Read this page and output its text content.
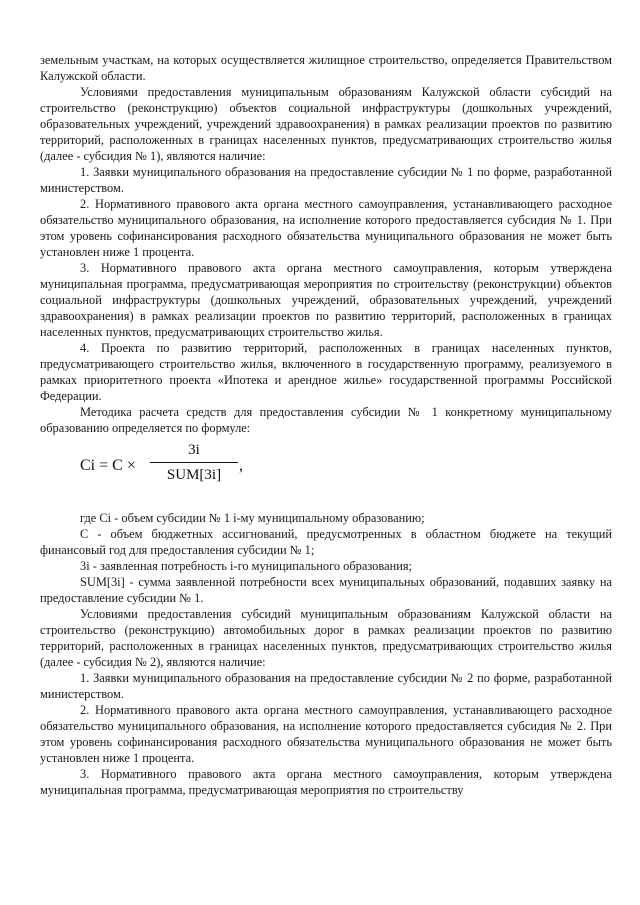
земельным участкам, на которых осуществляется жилищное строительство, определяется Правительством Калужской области.

Условиями предоставления муниципальным образованиям Калужской области субсидий на строительство (реконструкцию) объектов социальной инфраструктуры (дошкольных учреждений, образовательных учреждений, учреждений здравоохранения) в рамках реализации проектов по развитию территорий, расположенных в границах населенных пунктов, предусматривающих строительство жилья (далее - субсидия № 1), являются наличие:

1. Заявки муниципального образования на предоставление субсидии № 1 по форме, разработанной министерством.

2. Нормативного правового акта органа местного самоуправления, устанавливающего расходное обязательство муниципального образования, на исполнение которого предоставляется субсидия № 1. При этом уровень софинансирования расходного обязательства муниципального образования не может быть установлен ниже 1 процента.

3. Нормативного правового акта органа местного самоуправления, которым утверждена муниципальная программа, предусматривающая мероприятия по строительству (реконструкции) объектов социальной инфраструктуры (дошкольных учреждений, образовательных учреждений, учреждений здравоохранения) в рамках реализации проектов по развитию территорий, расположенных в границах населенных пунктов, предусматривающих строительство жилья.

4. Проекта по развитию территорий, расположенных в границах населенных пунктов, предусматривающего строительство жилья, включенного в государственную программу, реализуемого в рамках приоритетного проекта «Ипотека и арендное жилье» государственной программы Российской Федерации.

Методика расчета средств для предоставления субсидии № 1 конкретному муниципальному образованию определяется по формуле:

Ci = C ×
3i
SUM[3i]
,

где Ci - объем субсидии № 1 i-му муниципальному образованию;

C - объем бюджетных ассигнований, предусмотренных в областном бюджете на текущий финансовый год для предоставления субсидии № 1;

3i - заявленная потребность i-го муниципального образования;

SUM[3i] - сумма заявленной потребности всех муниципальных образований, подавших заявку на предоставление субсидии № 1.

Условиями предоставления субсидий муниципальным образованиям Калужской области на строительство (реконструкцию) автомобильных дорог в рамках реализации проектов по развитию территорий, расположенных в границах населенных пунктов, предусматривающих строительство жилья (далее - субсидия № 2), являются наличие:

1. Заявки муниципального образования на предоставление субсидии № 2 по форме, разработанной министерством.

2. Нормативного правового акта органа местного самоуправления, устанавливающего расходное обязательство муниципального образования, на исполнение которого предоставляется субсидия № 2. При этом уровень софинансирования расходного обязательства муниципального образования не может быть установлен ниже 1 процента.

3. Нормативного правового акта органа местного самоуправления, которым утверждена муниципальная программа, предусматривающая мероприятия по строительству
